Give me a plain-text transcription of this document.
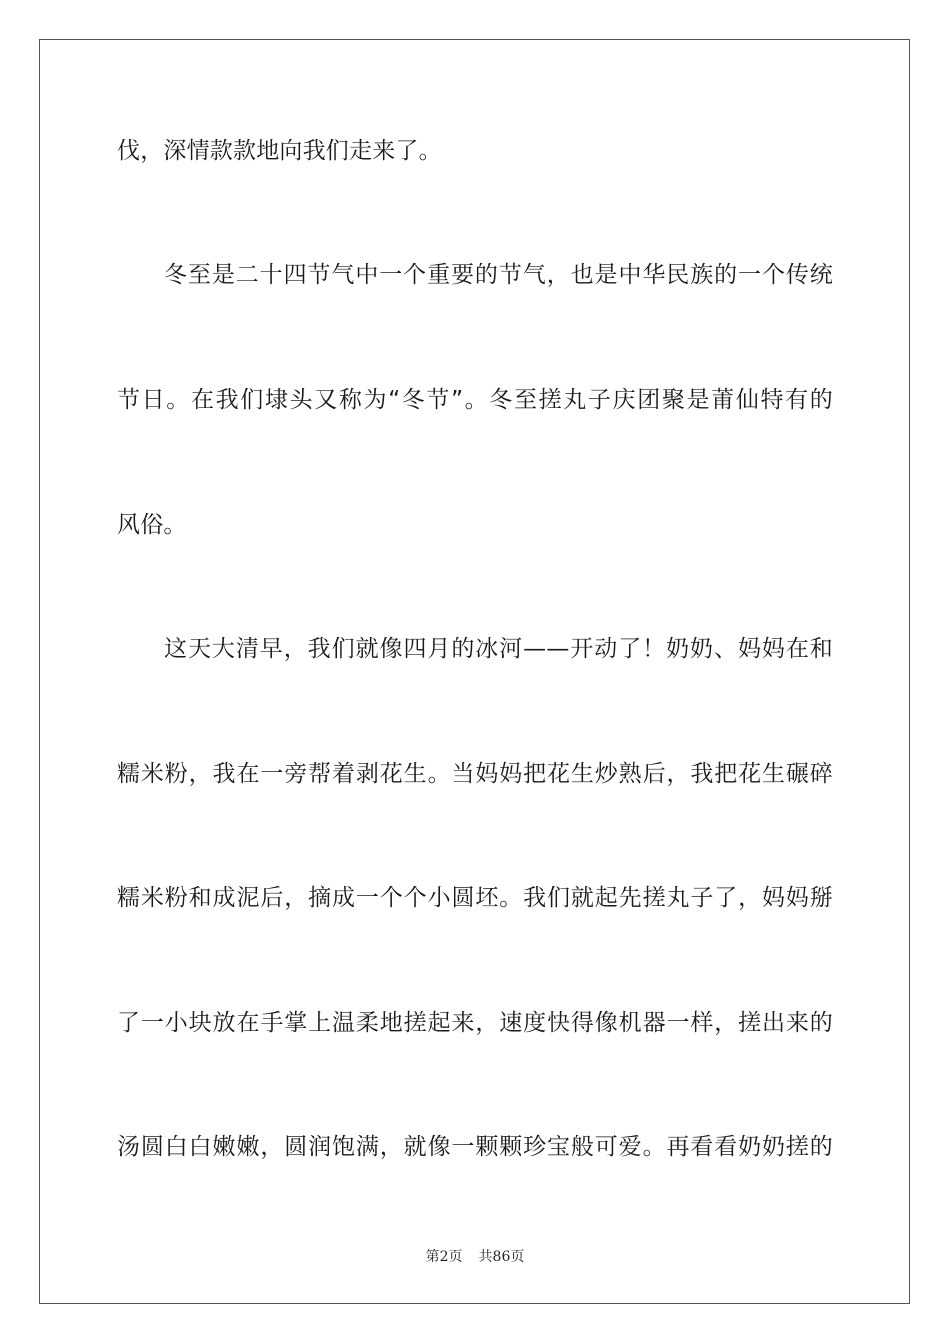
伐，深情款款地向我们走来了。
冬至是二十四节气中一个重要的节气，也是中华民族的一个传统
节日。在我们埭头又称为“冬节”。冬至搓丸子庆团聚是莆仙特有的
风俗。
这天大清早，我们就像四月的冰河——开动了！奶奶、妈妈在和
糯米粉，我在一旁帮着剥花生。当妈妈把花生炒熟后，我把花生碾碎
糯米粉和成泥后，摘成一个个小圆坯。我们就起先搓丸子了，妈妈掰
了一小块放在手掌上温柔地搓起来，速度快得像机器一样，搓出来的
汤圆白白嫩嫩，圆润饱满，就像一颗颗珍宝般可爱。再看看奶奶搓的
第2页 共86页
